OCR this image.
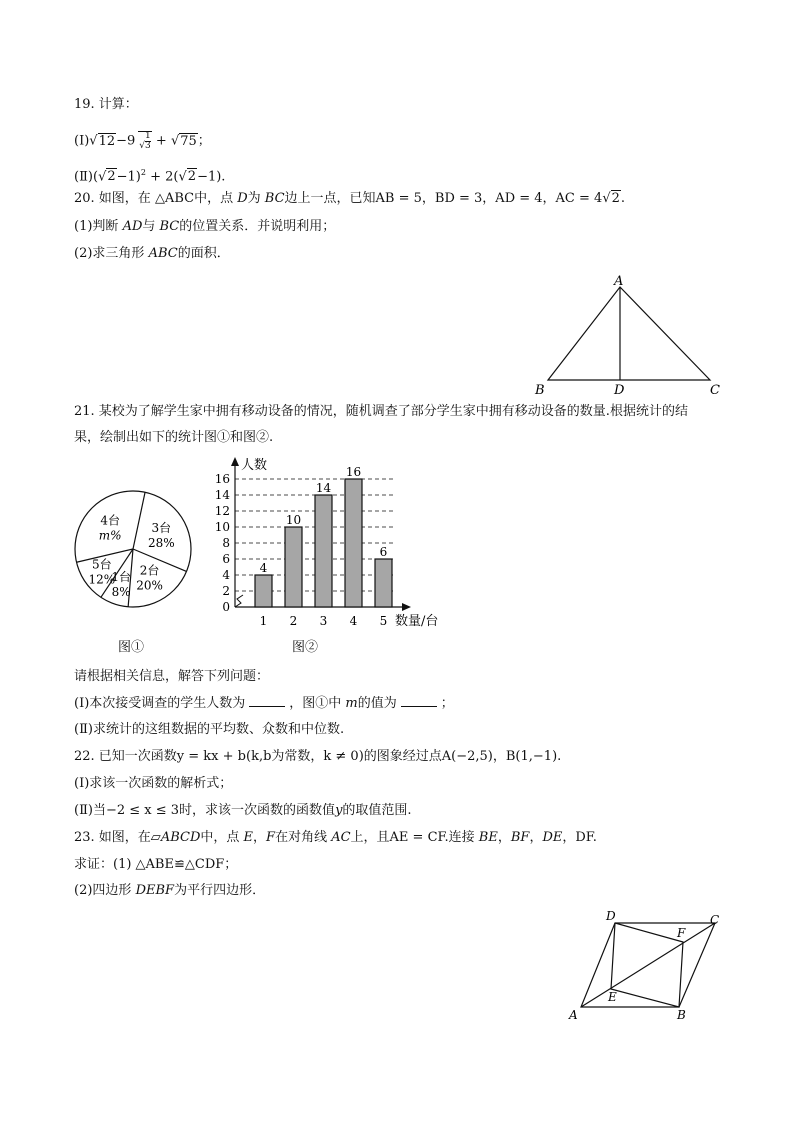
19. 计算：
(Ⅰ)√12−9 √ $\frac{1}{3} + √75$；
$(Ⅱ)(√2-1)^2 + 2(√2-1)$.
20. 如图，在 △ABC中，点 D为 BC边上一点，已知AB = 5，BD = 3，AD = 4，AC = 4√2.
(1)判断 AD与 BC的位置关系．并说明利用；
(2)求三角形 ABC的面积．
A
B	D	C
21. 某校为了解学生家中拥有移动设备的情况，随机调查了部分学生家中拥有移动设备的数量.根据统计的结
果，绘制出如下的统计图①和图②.
3台
28%
2台
20%
1台
8%
5台
12%
4台
m%
图①
0
2
4
6
8
10
12
14
16
人数
数量/台
4
1
10
2
14
3
16
4
6
5
图②
请根据相关信息，解答下列问题：
(Ⅰ)本次接受调查的学生人数为	，图①中 m的值为	；
(Ⅱ)求统计的这组数据的平均数、众数和中位数.
22. 已知一次函数y = kx + b(k,b为常数，k ≠ 0)的图象经过点A(−2,5)，B(1,−1).
(Ⅰ)求该一次函数的解析式；
(Ⅱ)当−2 ≤ x ≤ 3时，求该一次函数的函数值y的取值范围.
23. 如图，在▱ABCD中，点 E，F在对角线 AC上，且AE = CF.连接 BE，BF，DE，DF.
求证：(1) △ABE≌△CDF；
(2)四边形 DEBF为平行四边形．
D	C
F
E
A	B
